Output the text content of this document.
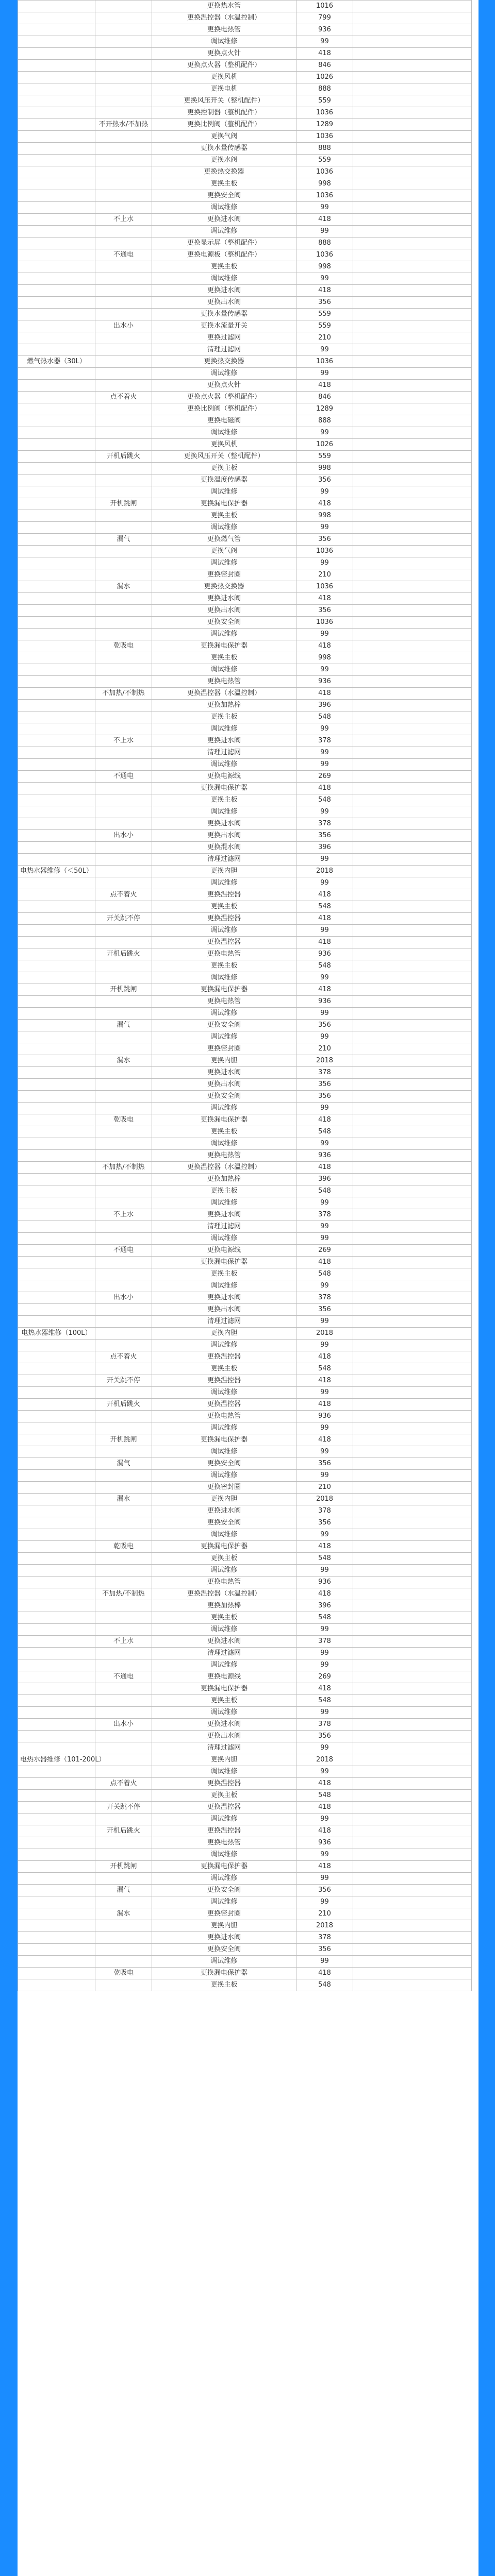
		更换热水管	1016	
		更换温控器（水温控制）	799	
		更换电热管	936	
		调试维修	99	
		更换点火针	418	
		更换点火器（整机配件）	846	
		更换风机	1026	
		更换电机	888	
		更换风压开关（整机配件）	559	
		更换控制器（整机配件）	1036	
	不开热水/不加热	更换比例阀（整机配件）	1289	
		更换气阀	1036	
		更换水量传感器	888	
		更换水阀	559	
		更换热交换器	1036	
		更换主板	998	
		更换安全阀	1036	
		调试维修	99	
	不上水	更换进水阀	418	
		调试维修	99	
		更换显示屏（整机配件）	888	
	不通电	更换电源板（整机配件）	1036	
		更换主板	998	
		调试维修	99	
		更换进水阀	418	
		更换出水阀	356	
		更换水量传感器	559	
	出水小	更换水流量开关	559	
		更换过滤网	210	
		清理过滤网	99	
燃气热水器（30L）		更换热交换器	1036	
		调试维修	99	
		更换点火针	418	
	点不着火	更换点火器（整机配件）	846	
		更换比例阀（整机配件）	1289	
		更换电磁阀	888	
		调试维修	99	
		更换风机	1026	
	开机后跳火	更换风压开关（整机配件）	559	
		更换主板	998	
		更换温度传感器	356	
		调试维修	99	
	开机跳闸	更换漏电保护器	418	
		更换主板	998	
		调试维修	99	
	漏气	更换燃气管	356	
		更换气阀	1036	
		调试维修	99	
		更换密封圈	210	
	漏水	更换热交换器	1036	
		更换进水阀	418	
		更换出水阀	356	
		更换安全阀	1036	
		调试维修	99	
	乾吸电	更换漏电保护器	418	
		更换主板	998	
		调试维修	99	
		更换电热管	936	
	不加热/不制热	更换温控器（水温控制）	418	
		更换加热棒	396	
		更换主板	548	
		调试维修	99	
	不上水	更换进水阀	378	
		清理过滤网	99	
		调试维修	99	
	不通电	更换电源线	269	
		更换漏电保护器	418	
		更换主板	548	
		调试维修	99	
		更换进水阀	378	
	出水小	更换出水阀	356	
		更换混水阀	396	
		清理过滤网	99	
电热水器维修（＜50L）		更换内胆	2018	
		调试维修	99	
	点不着火	更换温控器	418	
		更换主板	548	
	开关跳不停	更换温控器	418	
		调试维修	99	
		更换温控器	418	
	开机后跳火	更换电热管	936	
		更换主板	548	
		调试维修	99	
	开机跳闸	更换漏电保护器	418	
		更换电热管	936	
		调试维修	99	
	漏气	更换安全阀	356	
		调试维修	99	
		更换密封圈	210	
	漏水	更换内胆	2018	
		更换进水阀	378	
		更换出水阀	356	
		更换安全阀	356	
		调试维修	99	
	乾吸电	更换漏电保护器	418	
		更换主板	548	
		调试维修	99	
		更换电热管	936	
	不加热/不制热	更换温控器（水温控制）	418	
		更换加热棒	396	
		更换主板	548	
		调试维修	99	
	不上水	更换进水阀	378	
		清理过滤网	99	
		调试维修	99	
	不通电	更换电源线	269	
		更换漏电保护器	418	
		更换主板	548	
		调试维修	99	
	出水小	更换进水阀	378	
		更换出水阀	356	
		清理过滤网	99	
电热水器维修（100L）		更换内胆	2018	
		调试维修	99	
	点不着火	更换温控器	418	
		更换主板	548	
	开关跳不停	更换温控器	418	
		调试维修	99	
	开机后跳火	更换温控器	418	
		更换电热管	936	
		调试维修	99	
	开机跳闸	更换漏电保护器	418	
		调试维修	99	
	漏气	更换安全阀	356	
		调试维修	99	
		更换密封圈	210	
	漏水	更换内胆	2018	
		更换进水阀	378	
		更换安全阀	356	
		调试维修	99	
	乾吸电	更换漏电保护器	418	
		更换主板	548	
		调试维修	99	
		更换电热管	936	
	不加热/不制热	更换温控器（水温控制）	418	
		更换加热棒	396	
		更换主板	548	
		调试维修	99	
	不上水	更换进水阀	378	
		清理过滤网	99	
		调试维修	99	
	不通电	更换电源线	269	
		更换漏电保护器	418	
		更换主板	548	
		调试维修	99	
	出水小	更换进水阀	378	
		更换出水阀	356	
		清理过滤网	99	
电热水器维修（101-200L）		更换内胆	2018	
		调试维修	99	
	点不着火	更换温控器	418	
		更换主板	548	
	开关跳不停	更换温控器	418	
		调试维修	99	
	开机后跳火	更换温控器	418	
		更换电热管	936	
		调试维修	99	
	开机跳闸	更换漏电保护器	418	
		调试维修	99	
	漏气	更换安全阀	356	
		调试维修	99	
	漏水	更换密封圈	210	
		更换内胆	2018	
		更换进水阀	378	
		更换安全阀	356	
		调试维修	99	
	乾吸电	更换漏电保护器	418	
		更换主板	548	
